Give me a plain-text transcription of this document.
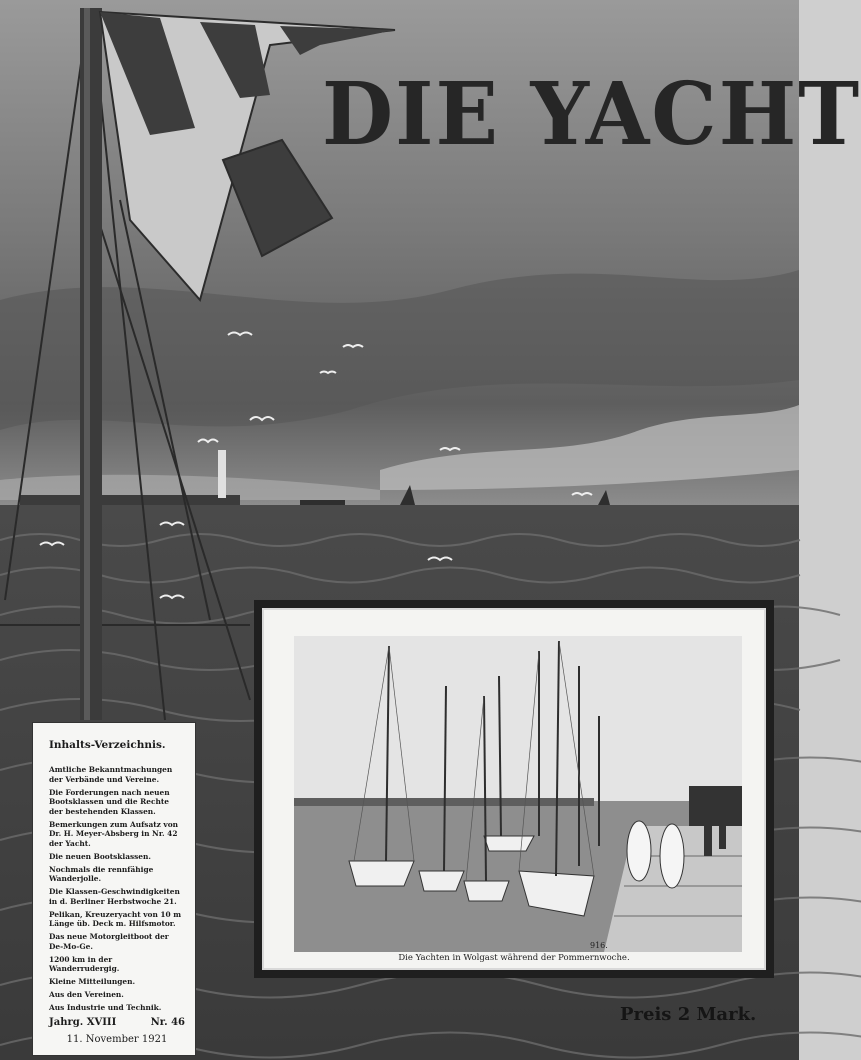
DIE YACHT
916.
Die Yachten in Wolgast während der Pommernwoche.
Inhalts-Verzeichnis.
Amtliche Bekanntmachungen der Verbände und Vereine.
Die Forderungen nach neuen Bootsklassen und die Rechte der bestehenden Klassen.
Bemerkungen zum Aufsatz von Dr. H. Meyer-Absberg in Nr. 42 der Yacht.
Die neuen Bootsklassen.
Nochmals die rennfähige Wanderjolle.
Die Klassen-Geschwindigkeiten in d. Berliner Herbstwoche 21.
Pelikan, Kreuzeryacht von 10 m Länge üb. Deck m. Hilfsmotor.
Das neue Motorgleitboot der De-Mo-Ge.
1200 km in der Wanderrudergig.
Kleine Mitteilungen.
Aus den Vereinen.
Aus Industrie und Technik.
Jahrg. XVIII	Nr. 46
11. November 1921
Preis 2 Mark.
